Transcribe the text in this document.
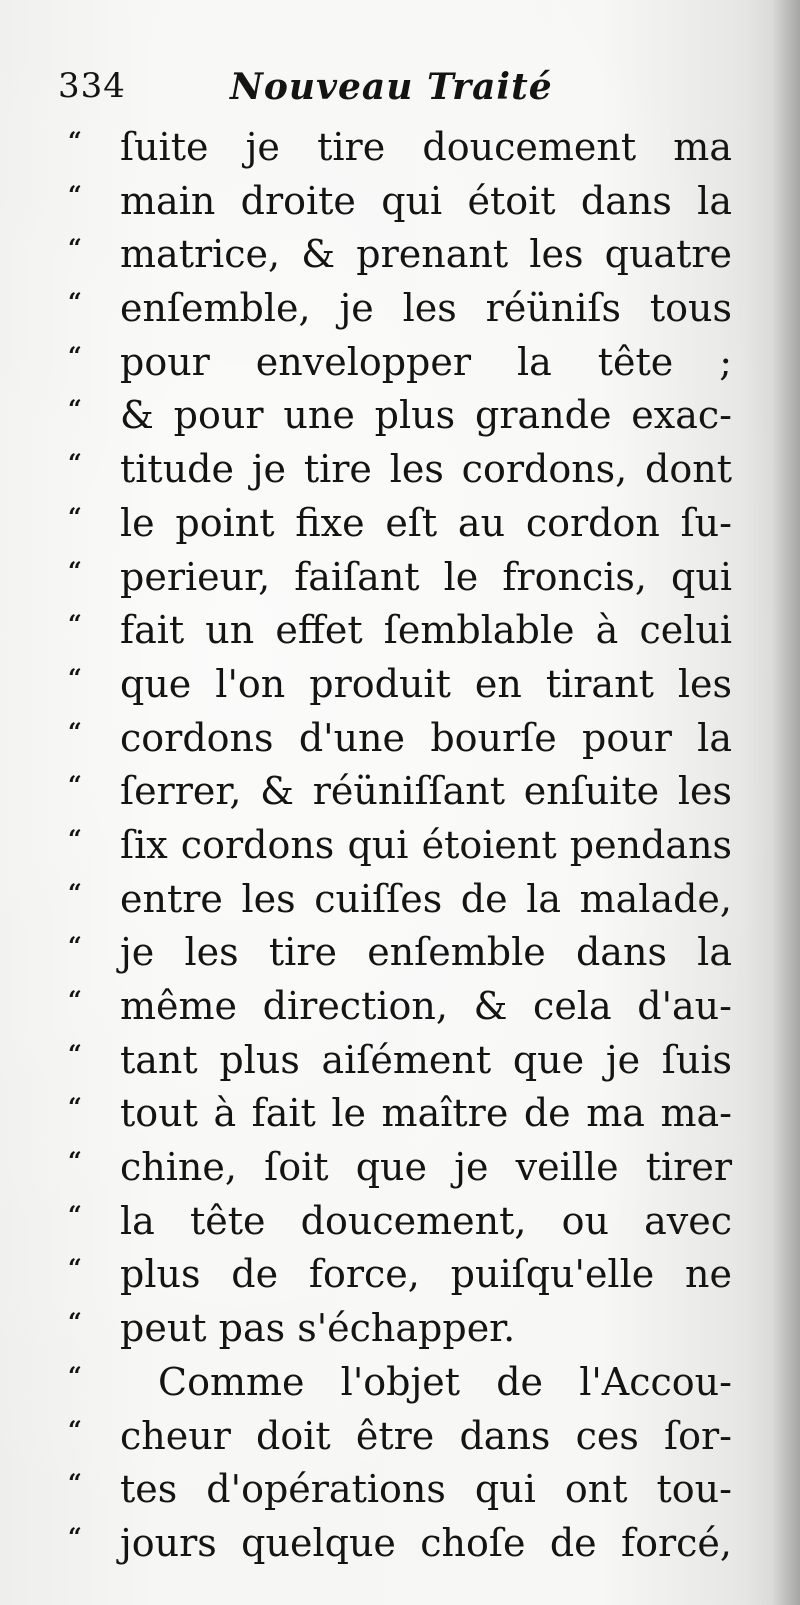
334	Nouveau Traité
“ ſuite je tire doucement ma
“ main droite qui étoit dans la
“ matrice, & prenant les quatre
“ enſemble, je les réüniſs tous
“ pour envelopper la tête ;
“ & pour une plus grande exac-
“ titude je tire les cordons, dont
“ le point fixe eſt au cordon ſu-
“ perieur, faiſant le froncis, qui
“ fait un effet ſemblable à celui
“ que l'on produit en tirant les
“ cordons d'une bourſe pour la
“ ſerrer, & réüniſſant enſuite les
“ ſix cordons qui étoient pendans
“ entre les cuiſſes de la malade,
“ je les tire enſemble dans la
“ même direction, & cela d'au-
“ tant plus aiſément que je ſuis
“ tout à fait le maître de ma ma-
“ chine, ſoit que je veille tirer
“ la tête doucement, ou avec
“ plus de force, puiſqu'elle ne
“ peut pas s'échapper.
“ Comme l'objet de l'Accou-
“ cheur doit être dans ces ſor-
“ tes d'opérations qui ont tou-
“ jours quelque choſe de forcé,
